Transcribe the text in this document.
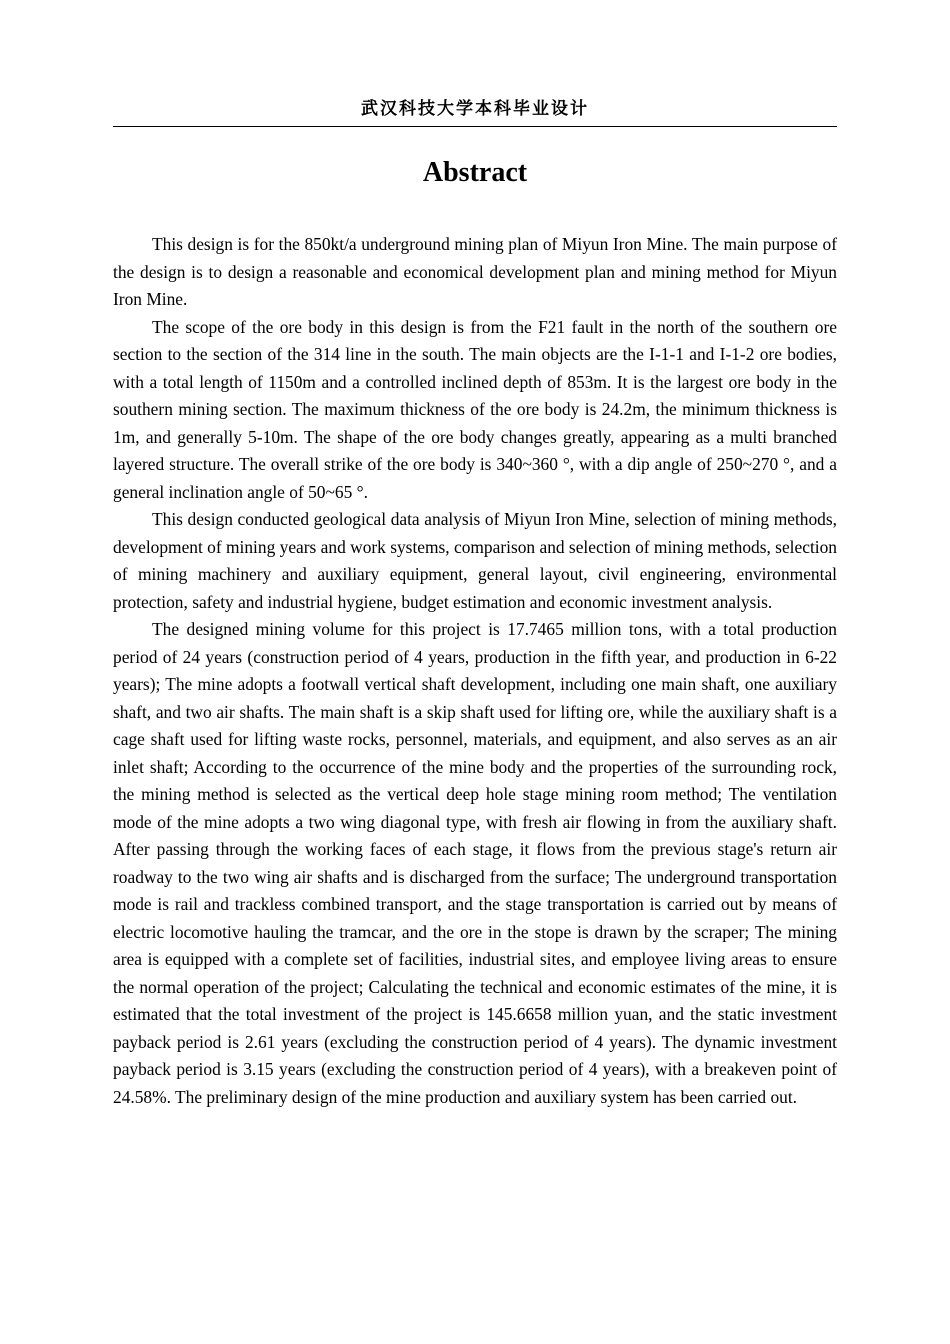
武汉科技大学本科毕业设计
Abstract

This design is for the 850kt/a underground mining plan of Miyun Iron Mine. The main purpose of the design is to design a reasonable and economical development plan and mining method for Miyun Iron Mine.

The scope of the ore body in this design is from the F21 fault in the north of the southern ore section to the section of the 314 line in the south. The main objects are the I-1-1 and I-1-2 ore bodies, with a total length of 1150m and a controlled inclined depth of 853m. It is the largest ore body in the southern mining section. The maximum thickness of the ore body is 24.2m, the minimum thickness is 1m, and generally 5-10m. The shape of the ore body changes greatly, appearing as a multi branched layered structure. The overall strike of the ore body is 340~360 °, with a dip angle of 250~270 °, and a general inclination angle of 50~65 °.

This design conducted geological data analysis of Miyun Iron Mine, selection of mining methods, development of mining years and work systems, comparison and selection of mining methods, selection of mining machinery and auxiliary equipment, general layout, civil engineering, environmental protection, safety and industrial hygiene, budget estimation and economic investment analysis.

The designed mining volume for this project is 17.7465 million tons, with a total production period of 24 years (construction period of 4 years, production in the fifth year, and production in 6-22 years); The mine adopts a footwall vertical shaft development, including one main shaft, one auxiliary shaft, and two air shafts. The main shaft is a skip shaft used for lifting ore, while the auxiliary shaft is a cage shaft used for lifting waste rocks, personnel, materials, and equipment, and also serves as an air inlet shaft; According to the occurrence of the mine body and the properties of the surrounding rock, the mining method is selected as the vertical deep hole stage mining room method; The ventilation mode of the mine adopts a two wing diagonal type, with fresh air flowing in from the auxiliary shaft. After passing through the working faces of each stage, it flows from the previous stage's return air roadway to the two wing air shafts and is discharged from the surface; The underground transportation mode is rail and trackless combined transport, and the stage transportation is carried out by means of electric locomotive hauling the tramcar, and the ore in the stope is drawn by the scraper; The mining area is equipped with a complete set of facilities, industrial sites, and employee living areas to ensure the normal operation of the project; Calculating the technical and economic estimates of the mine, it is estimated that the total investment of the project is 145.6658 million yuan, and the static investment payback period is 2.61 years (excluding the construction period of 4 years). The dynamic investment payback period is 3.15 years (excluding the construction period of 4 years), with a breakeven point of 24.58%. The preliminary design of the mine production and auxiliary system has been carried out.
